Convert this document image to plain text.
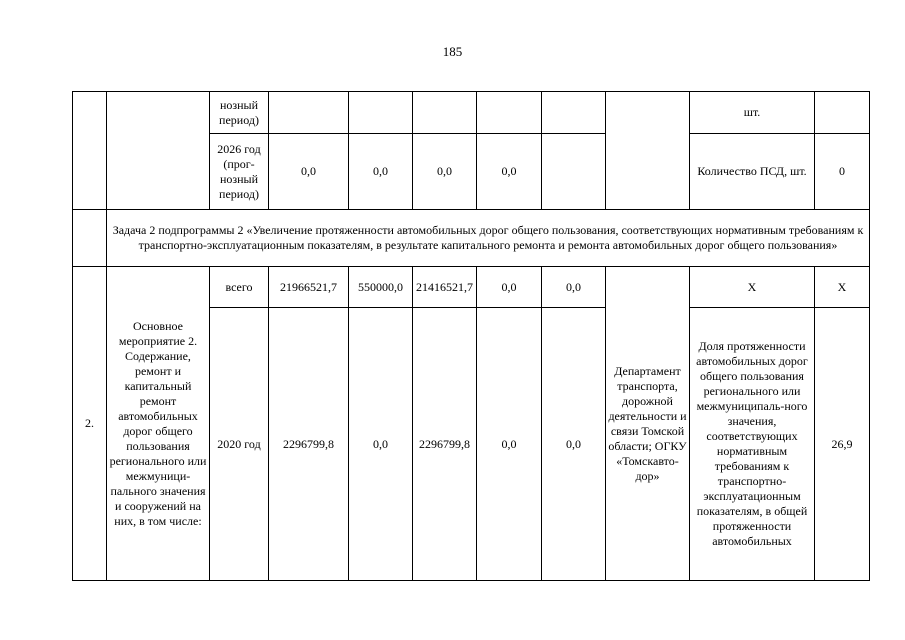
185
		нозный период)							шт.	
		2026 год (прог-нозный период)	0,0	0,0	0,0	0,0			Количество ПСД, шт.	0
	Задача 2 подпрограммы 2 «Увеличение протяженности автомобильных дорог общего пользования, соответствующих нормативным требованиям к транспортно-эксплуатационным показателям, в результате капитального ремонта и ремонта автомобильных дорог общего пользования»									
2.	Основное мероприятие 2. Содержание, ремонт и капитальный ремонт автомобильных дорог общего пользования регионального или межмуници-пального значения и сооружений на них, в том числе:	всего	21966521,7	550000,0	21416521,7	0,0	0,0	Департамент транспорта, дорожной деятельности и связи Томской области; ОГКУ «Томскавто-дор»	Х	Х
		2020 год	2296799,8	0,0	2296799,8	0,0	0,0		Доля протяженности автомобильных дорог общего пользования регионального или межмуниципаль-ного значения, соответствующих нормативным требованиям к транспортно-эксплуатационным показателям, в общей протяженности автомобильных	26,9
